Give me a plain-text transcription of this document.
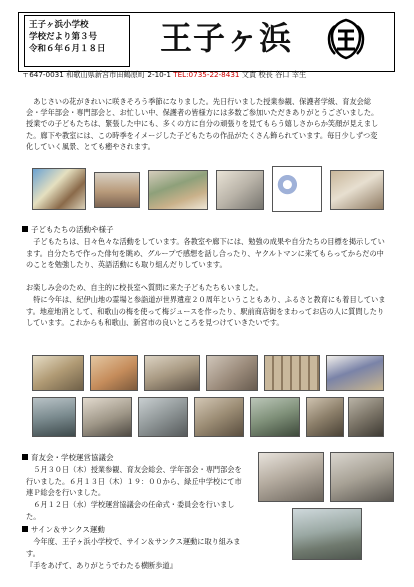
王子ヶ浜小学校
学校だより第３号
令和６年６月１８日	王子ヶ浜
〒647-0031 和歌山県新宮市田鶴原町 2-10-1 TEL:0735-22-8431 文責 校長 谷口 幸生
　あじさいの花がきれいに咲きそろう季節になりました。先日行いました授業参観、保護者学級、育友会総会・学年部会・専門部会と、お忙しい中、保護者の皆様方には多数ご参加いただきありがとうございました。授業での子どもたちは、緊張した中にも、多くの方に自分の頑張りを見てもらう嬉しさからか笑顔が見えました。廊下や教室には、この時季をイメージした子どもたちの作品がたくさん飾られています。毎日少しずつ変化していく風景、とても癒やされます。
子どもたちの活動や様子
　子どもたちは、日々色々な活動をしています。各教室や廊下には、勉強の成果や自分たちの目標を掲示しています。自分たちで作った俳句を眺め、グループで感想を話し合ったり、ヤクルトマンに来てもらってからだの中のことを勉強したり、英語活動にも取り組んだりしています。
お楽しみ会のため、自主的に校長室へ質問に来た子どもたちもいました。
　特に今年は、紀伊山地の霊場と参詣道が世界遺産２０周年ということもあり、ふるさと教育にも着目しています。地産地消として、和歌山の梅を使って梅ジュースを作ったり、駅前商店街をまわってお店の人に質問したりしています。これからも和歌山、新宮市の良いところを見つけていきたいです。
育友会・学校運営協議会
　５月３０日（木）授業参観、育友会総会、学年部会・専門部会を行いました。６月１３日（木）１９：００から、緑丘中学校にて市連Ｐ総会を行いました。
　６月１２日（水）学校運営協議会の任命式・委員会を行いました。
サイン＆サンクス運動
　今年度、王子ヶ浜小学校で、サイン＆サンクス運動に取り組みます。
『手をあげて、ありがとうでわたる横断歩道』
